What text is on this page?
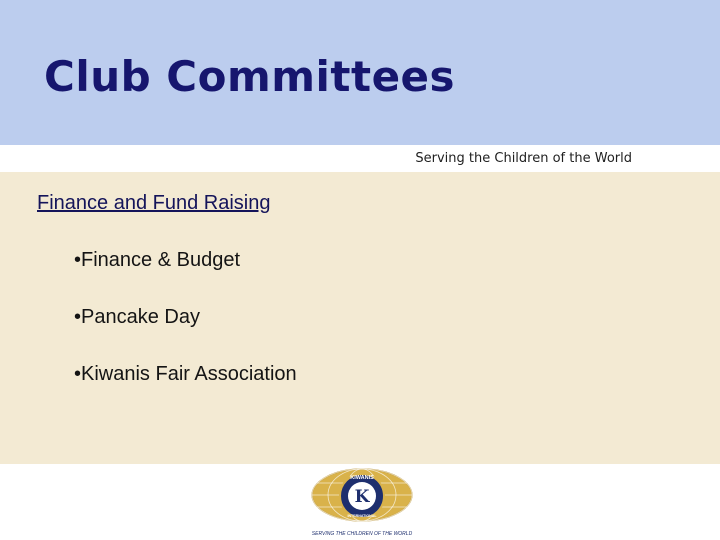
Club Committees
Serving the Children of the World
Finance and Fund Raising
• Finance & Budget
• Pancake Day
• Kiwanis Fair Association
K
KIWANIS
INTERNATIONAL
SERVING THE CHILDREN OF THE WORLD
